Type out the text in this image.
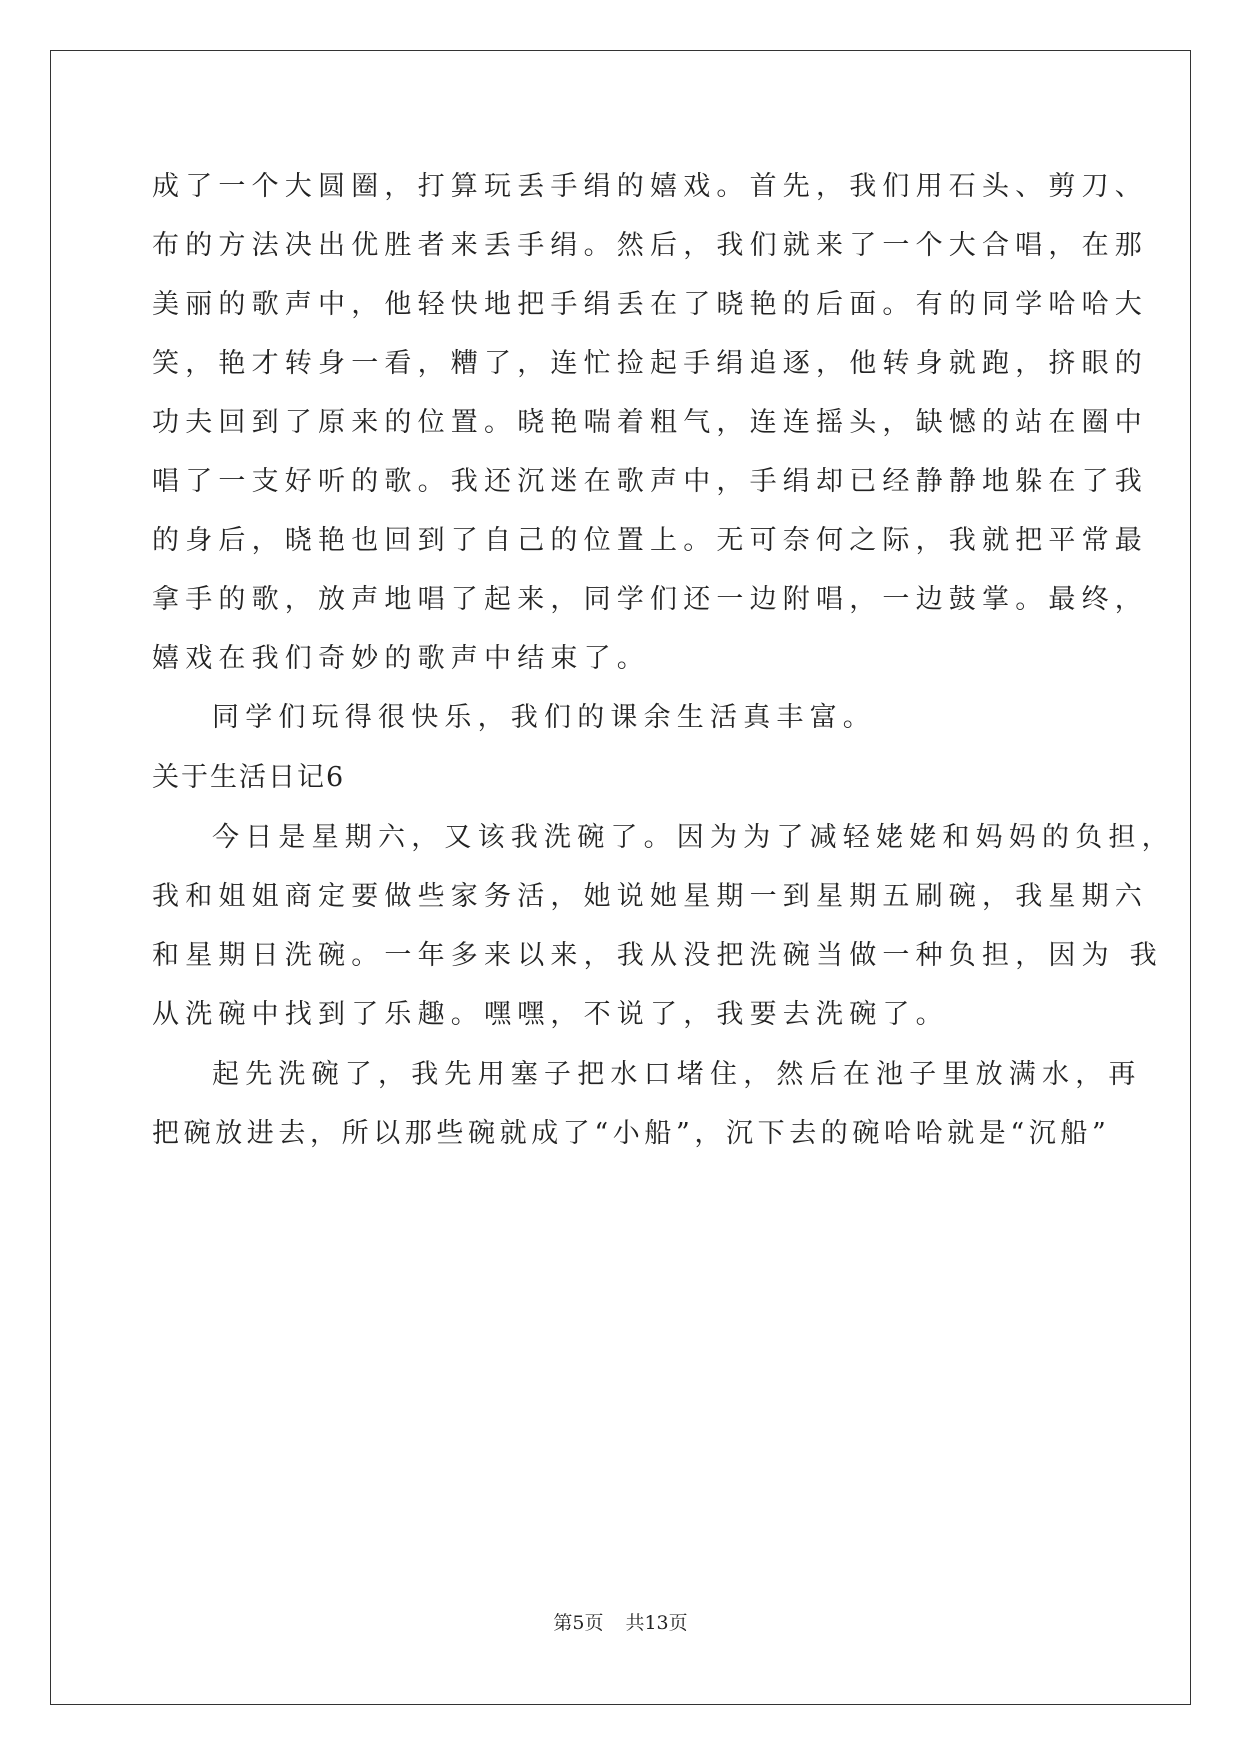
成了一个大圆圈，打算玩丢手绢的嬉戏。首先，我们用石头、剪刀、
布的方法决出优胜者来丢手绢。然后，我们就来了一个大合唱，在那
美丽的歌声中，他轻快地把手绢丢在了晓艳的后面。有的同学哈哈大
笑，艳才转身一看，糟了，连忙捡起手绢追逐，他转身就跑，挤眼的
功夫回到了原来的位置。晓艳喘着粗气，连连摇头，缺憾的站在圈中
唱了一支好听的歌。我还沉迷在歌声中，手绢却已经静静地躲在了我
的身后，晓艳也回到了自己的位置上。无可奈何之际，我就把平常最
拿手的歌，放声地唱了起来，同学们还一边附唱，一边鼓掌。最终，
嬉戏在我们奇妙的歌声中结束了。
同学们玩得很快乐，我们的课余生活真丰富。
关于生活日记6
今日是星期六，又该我洗碗了。因为为了减轻姥姥和妈妈的负担，
我和姐姐商定要做些家务活，她说她星期一到星期五刷碗，我星期六
和星期日洗碗。一年多来以来，我从没把洗碗当做一种负担，因为 我
从洗碗中找到了乐趣。嘿嘿，不说了，我要去洗碗了。
起先洗碗了，我先用塞子把水口堵住，然后在池子里放满水，再
把碗放进去，所以那些碗就成了“小船”，沉下去的碗哈哈就是“沉船”
第5页 共13页
